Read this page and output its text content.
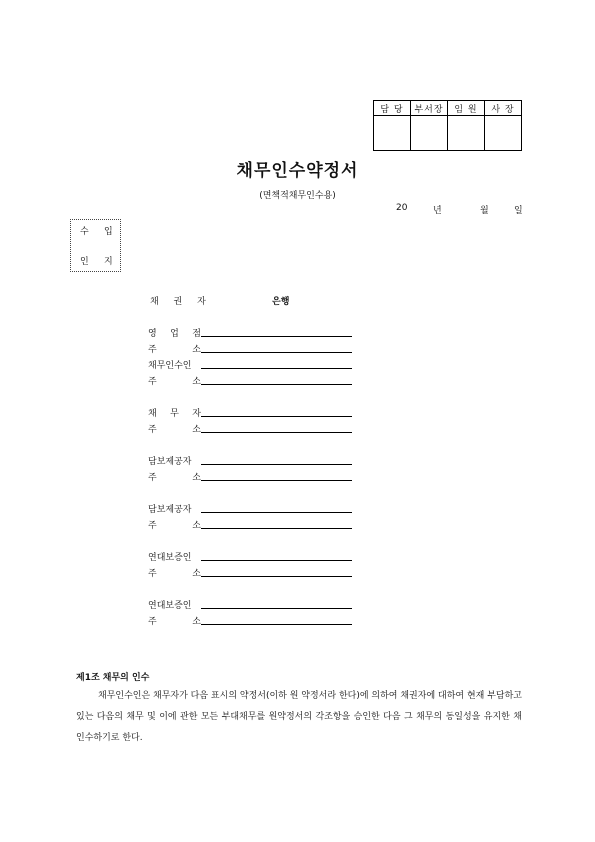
담 당	부서장	임 원	사 장

채무인수약정서
(면책적채무인수용)
20	년	월	일
수 입
인 지
채 권 자	은행
영 업 점
주	소
채무인수인
주	소
채 무 자
주	소
담보제공자
주	소
담보제공자
주	소
연대보증인
주	소
연대보증인
주	소
제1조 채무의 인수
채무인수인은 채무자가 다음 표시의 약정서(이하 원 약정서라 한다)에 의하여 채권자에 대하여 현재 부담하고 있는 다음의 채무 및 이에 관한 모든 부대채무를 원약정서의 각조항을 승인한 다음 그 채무의 동일성을 유지한 채 인수하기로 한다.
